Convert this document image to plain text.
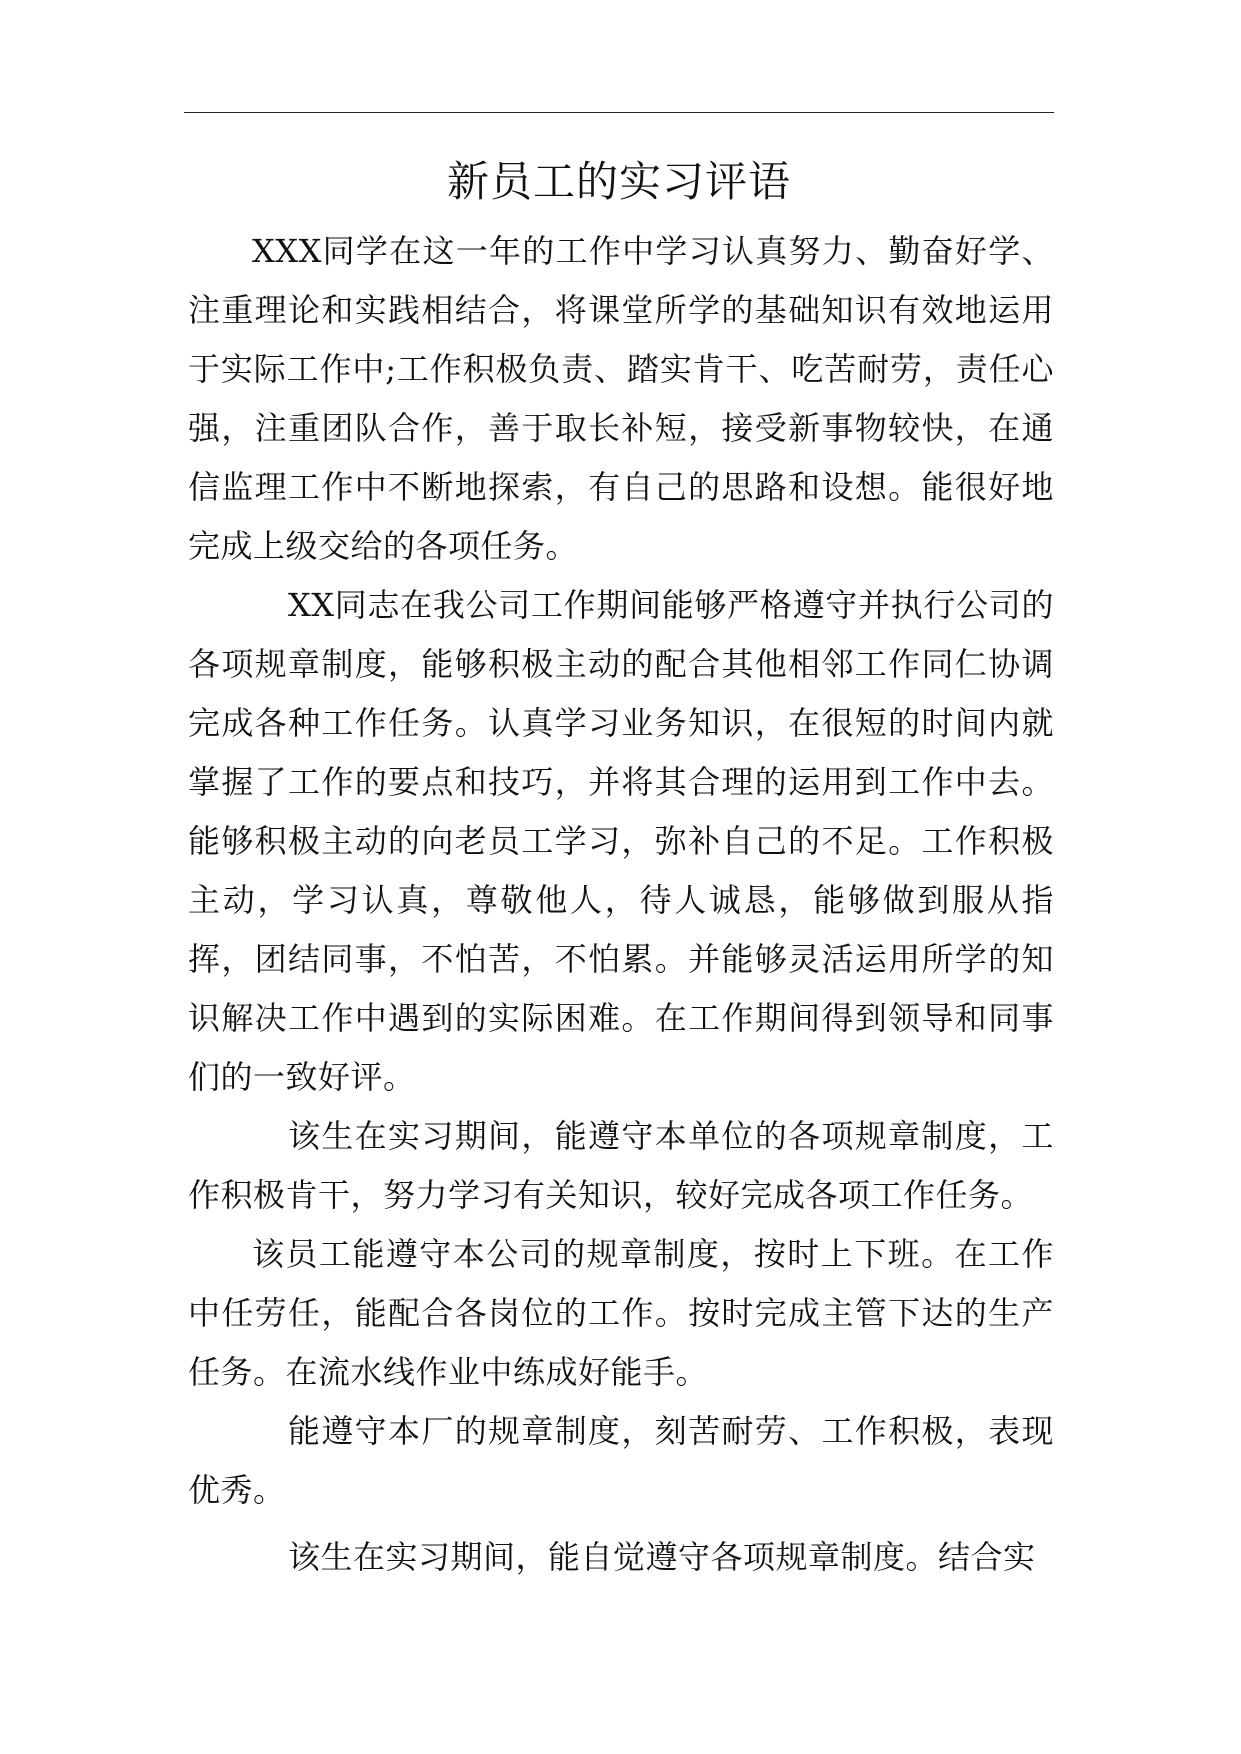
新员工的实习评语

XXX同学在这一年的工作中学习认真努力、勤奋好学、注重理论和实践相结合，将课堂所学的基础知识有效地运用于实际工作中;工作积极负责、踏实肯干、吃苦耐劳，责任心强，注重团队合作，善于取长补短，接受新事物较快，在通信监理工作中不断地探索，有自己的思路和设想。能很好地完成上级交给的各项任务。

XX同志在我公司工作期间能够严格遵守并执行公司的各项规章制度，能够积极主动的配合其他相邻工作同仁协调完成各种工作任务。认真学习业务知识，在很短的时间内就掌握了工作的要点和技巧，并将其合理的运用到工作中去。能够积极主动的向老员工学习，弥补自己的不足。工作积极主动，学习认真，尊敬他人，待人诚恳，能够做到服从指挥，团结同事，不怕苦，不怕累。并能够灵活运用所学的知识解决工作中遇到的实际困难。在工作期间得到领导和同事们的一致好评。

该生在实习期间，能遵守本单位的各项规章制度，工作积极肯干，努力学习有关知识，较好完成各项工作任务。

该员工能遵守本公司的规章制度，按时上下班。在工作中任劳任，能配合各岗位的工作。按时完成主管下达的生产任务。在流水线作业中练成好能手。

能遵守本厂的规章制度，刻苦耐劳、工作积极，表现优秀。

该生在实习期间，能自觉遵守各项规章制度。结合实
